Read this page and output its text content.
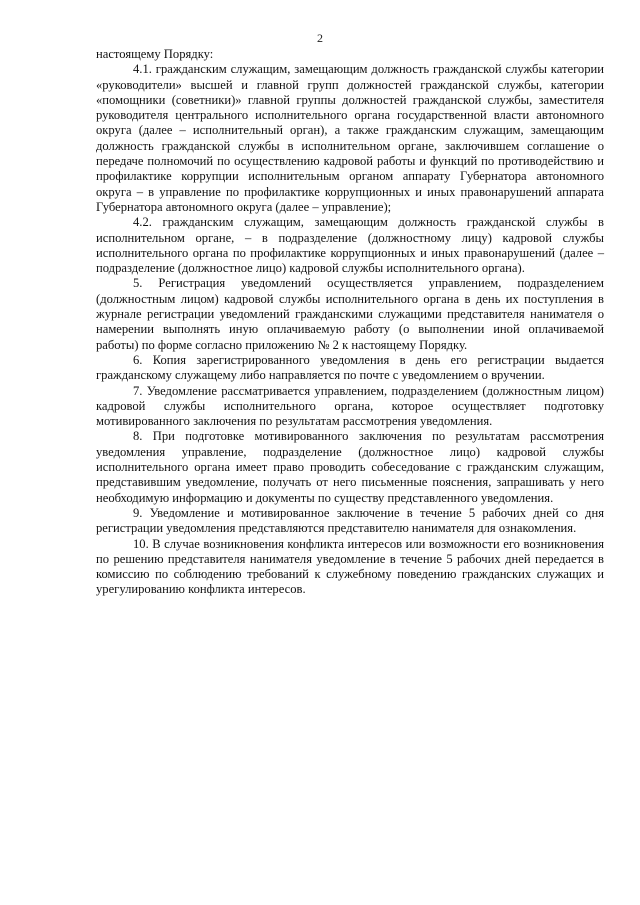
2

настоящему Порядку:

4.1. гражданским служащим, замещающим должность гражданской службы категории «руководители» высшей и главной групп должностей гражданской службы, категории «помощники (советники)» главной группы должностей гражданской службы, заместителя руководителя центрального исполнительного органа государственной власти автономного округа (далее – исполнительный орган), а также гражданским служащим, замещающим должность гражданской службы в исполнительном органе, заключившем соглашение о передаче полномочий по осуществлению кадровой работы и функций по противодействию и профилактике коррупции исполнительным органом аппарату Губернатора автономного округа – в управление по профилактике коррупционных и иных правонарушений аппарата Губернатора автономного округа (далее – управление);

4.2. гражданским служащим, замещающим должность гражданской службы в исполнительном органе, – в подразделение (должностному лицу) кадровой службы исполнительного органа по профилактике коррупционных и иных правонарушений (далее – подразделение (должностное лицо) кадровой службы исполнительного органа).

5. Регистрация уведомлений осуществляется управлением, подразделением (должностным лицом) кадровой службы исполнительного органа в день их поступления в журнале регистрации уведомлений гражданскими служащими представителя нанимателя о намерении выполнять иную оплачиваемую работу (о выполнении иной оплачиваемой работы) по форме согласно приложению № 2 к настоящему Порядку.

6. Копия зарегистрированного уведомления в день его регистрации выдается гражданскому служащему либо направляется по почте с уведомлением о вручении.

7. Уведомление рассматривается управлением, подразделением (должностным лицом) кадровой службы исполнительного органа, которое осуществляет подготовку мотивированного заключения по результатам рассмотрения уведомления.

8. При подготовке мотивированного заключения по результатам рассмотрения уведомления управление, подразделение (должностное лицо) кадровой службы исполнительного органа имеет право проводить собеседование с гражданским служащим, представившим уведомление, получать от него письменные пояснения, запрашивать у него необходимую информацию и документы по существу представленного уведомления.

9. Уведомление и мотивированное заключение в течение 5 рабочих дней со дня регистрации уведомления представляются представителю нанимателя для ознакомления.

10. В случае возникновения конфликта интересов или возможности его возникновения по решению представителя нанимателя уведомление в течение 5 рабочих дней передается в комиссию по соблюдению требований к служебному поведению гражданских служащих и урегулированию конфликта интересов.
